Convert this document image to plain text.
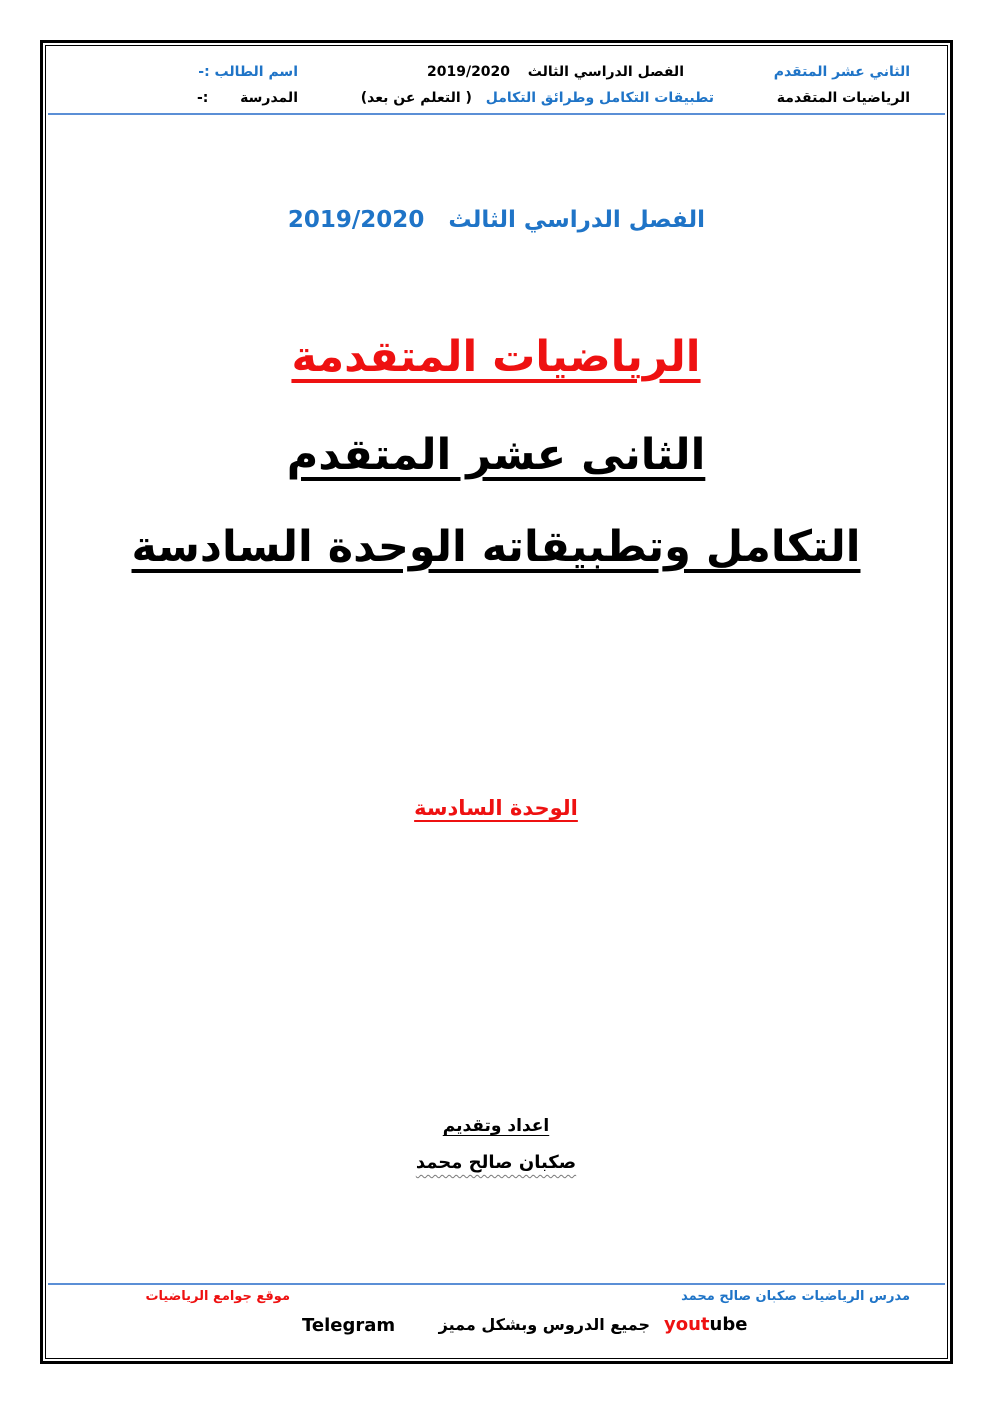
الثاني عشر المتقدم
الفصل الدراسي الثالث  2019/2020
اسم الطالب :-
الرياضيات المتقدمة
تطبيقات التكامل وطرائق التكامل  ( التعلم عن بعد)
المدرسة  :-
الفصل الدراسي الثالث  2019/2020
الرياضيات المتقدمة
الثانى عشر المتقدم
التكامل وتطبيقاته الوحدة السادسة
الوحدة السادسة
اعداد وتقديم
صكبان صالح محمد
مدرس الرياضيات صكبان صالح محمد
موقع جوامع الرياضيات
youtube
جميع الدروس وبشكل مميز
Telegram
